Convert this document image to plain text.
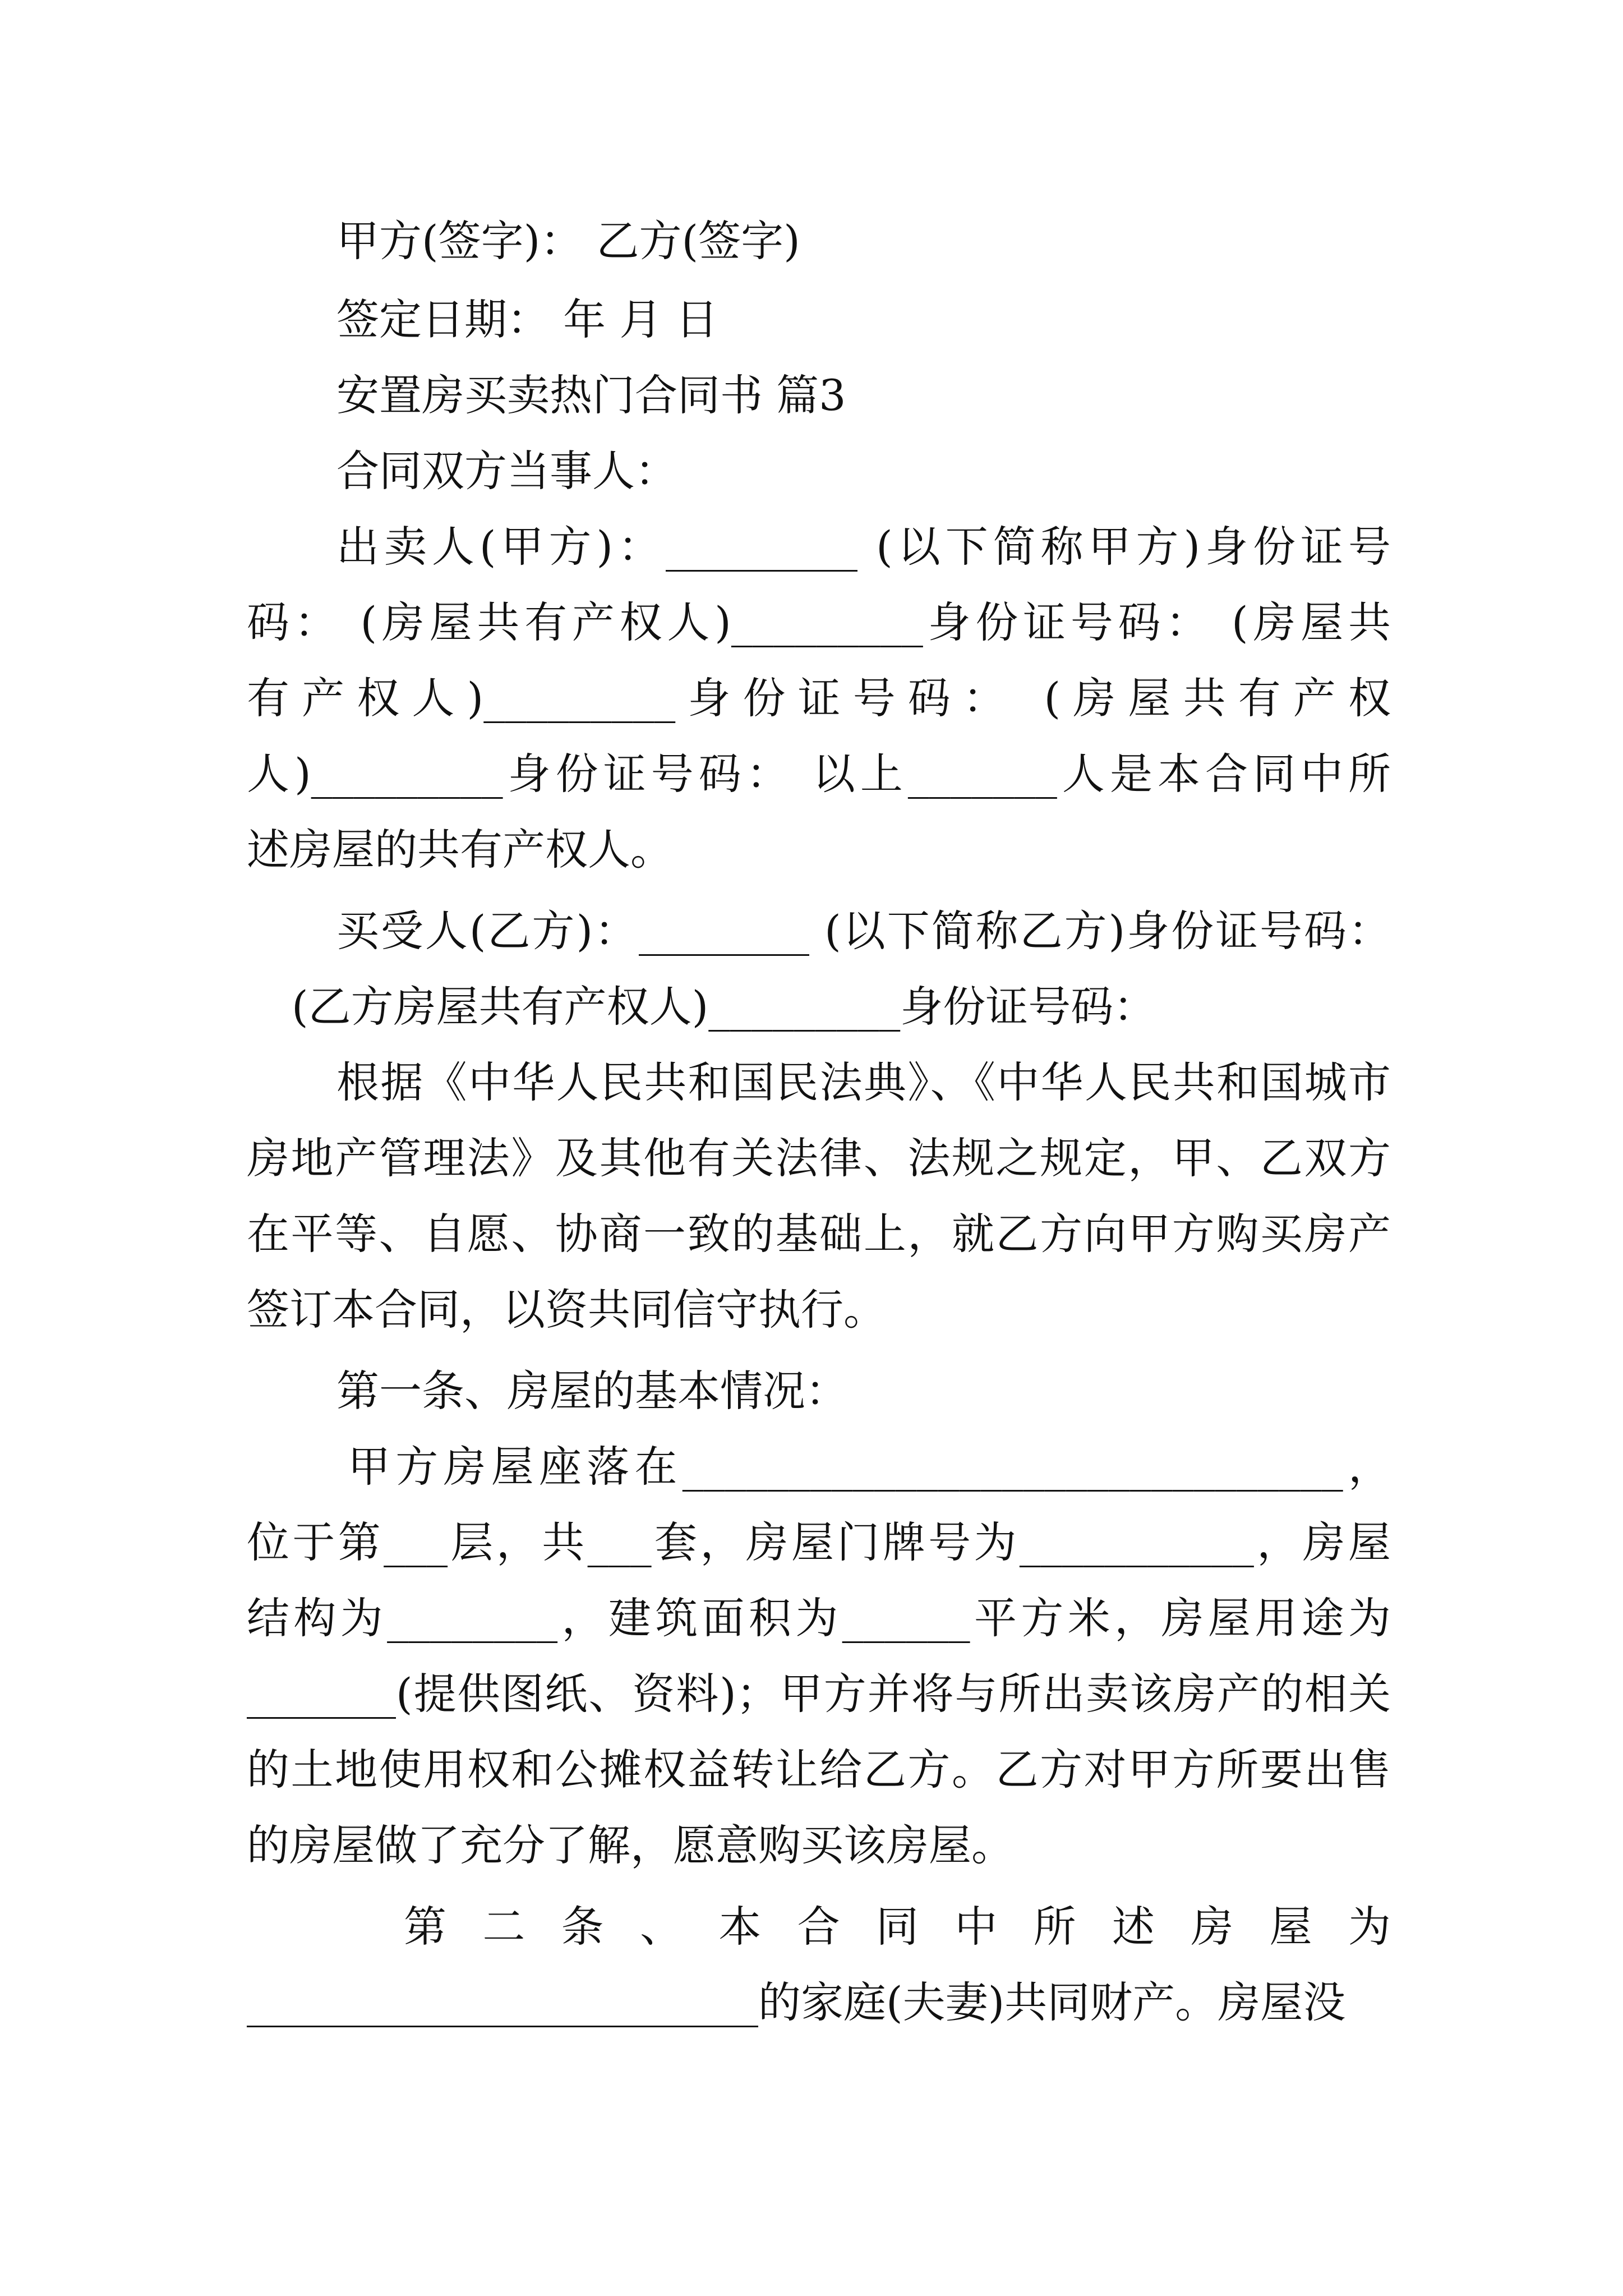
甲方(签字)： 乙方(签字)
签定日期： 年 月 日
安置房买卖热门合同书 篇3
合同双方当事人：
出卖人(甲方)：_________ (以下简称甲方)身份证号
码： (房屋共有产权人)_________身份证号码： (房屋共
有产权人)_________身份证号码： (房屋共有产权
人)_________身份证号码： 以上_______人是本合同中所
述房屋的共有产权人。
买受人(乙方)：________ (以下简称乙方)身份证号码：
(乙方房屋共有产权人)_________身份证号码：
根据《中华人民共和国民法典》、《中华人民共和国城市
房地产管理法》及其他有关法律、法规之规定，甲、乙双方
在平等、自愿、协商一致的基础上，就乙方向甲方购买房产
签订本合同，以资共同信守执行。
第一条、房屋的基本情况：
甲方房屋座落在_______________________________，
位于第___层，共___套，房屋门牌号为___________，房屋
结构为________，建筑面积为______平方米，房屋用途为
_______(提供图纸、资料)；甲方并将与所出卖该房产的相关
的土地使用权和公摊权益转让给乙方。乙方对甲方所要出售
的房屋做了充分了解，愿意购买该房屋。
第二条、本合同中所述房屋为
________________________的家庭(夫妻)共同财产。房屋没
